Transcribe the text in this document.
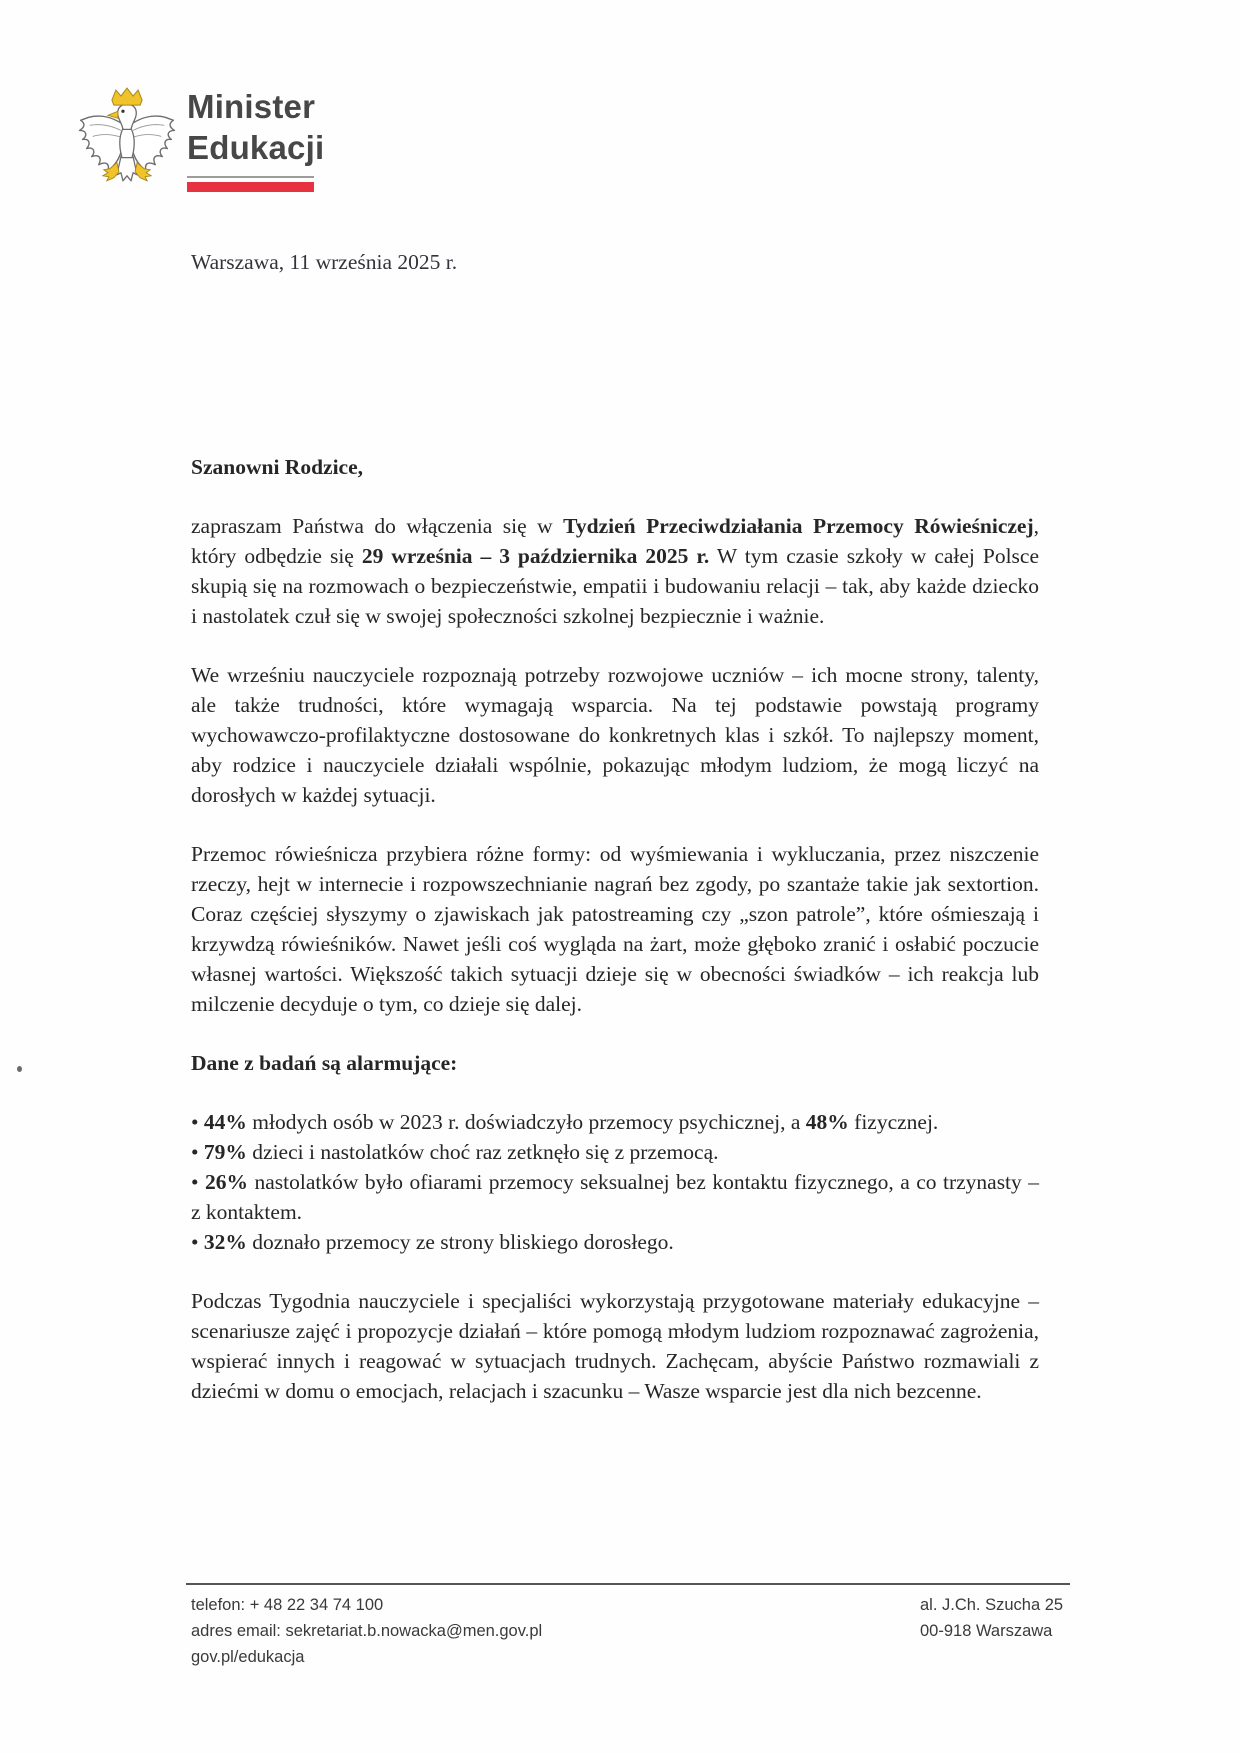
Minister
Edukacji
Warszawa, 11 września 2025 r.

Szanowni Rodzice,

zapraszam Państwa do włączenia się w Tydzień Przeciwdziałania Przemocy Rówieśniczej, który odbędzie się 29 września – 3 października 2025 r. W tym czasie szkoły w całej Polsce skupią się na rozmowach o bezpieczeństwie, empatii i budowaniu relacji – tak, aby każde dziecko i nastolatek czuł się w swojej społeczności szkolnej bezpiecznie i ważnie.

We wrześniu nauczyciele rozpoznają potrzeby rozwojowe uczniów – ich mocne strony, talenty, ale także trudności, które wymagają wsparcia. Na tej podstawie powstają programy wychowawczo-profilaktyczne dostosowane do konkretnych klas i szkół. To najlepszy moment, aby rodzice i nauczyciele działali wspólnie, pokazując młodym ludziom, że mogą liczyć na dorosłych w każdej sytuacji.

Przemoc rówieśnicza przybiera różne formy: od wyśmiewania i wykluczania, przez niszczenie rzeczy, hejt w internecie i rozpowszechnianie nagrań bez zgody, po szantaże takie jak sextortion. Coraz częściej słyszymy o zjawiskach jak patostreaming czy „szon patrole”, które ośmieszają i krzywdzą rówieśników. Nawet jeśli coś wygląda na żart, może głęboko zranić i osłabić poczucie własnej wartości. Większość takich sytuacji dzieje się w obecności świadków – ich reakcja lub milczenie decyduje o tym, co dzieje się dalej.

Dane z badań są alarmujące:

• 44% młodych osób w 2023 r. doświadczyło przemocy psychicznej, a 48% fizycznej.

• 79% dzieci i nastolatków choć raz zetknęło się z przemocą.

• 26% nastolatków było ofiarami przemocy seksualnej bez kontaktu fizycznego, a co trzynasty – z kontaktem.

• 32% doznało przemocy ze strony bliskiego dorosłego.

Podczas Tygodnia nauczyciele i specjaliści wykorzystają przygotowane materiały edukacyjne – scenariusze zajęć i propozycje działań – które pomogą młodym ludziom rozpoznawać zagrożenia, wspierać innych i reagować w sytuacjach trudnych. Zachęcam, abyście Państwo rozmawiali z dziećmi w domu o emocjach, relacjach i szacunku – Wasze wsparcie jest dla nich bezcenne.

telefon: + 48 22 34 74 100
adres email: sekretariat.b.nowacka@men.gov.pl
gov.pl/edukacja
al. J.Ch. Szucha 25
00-918 Warszawa
